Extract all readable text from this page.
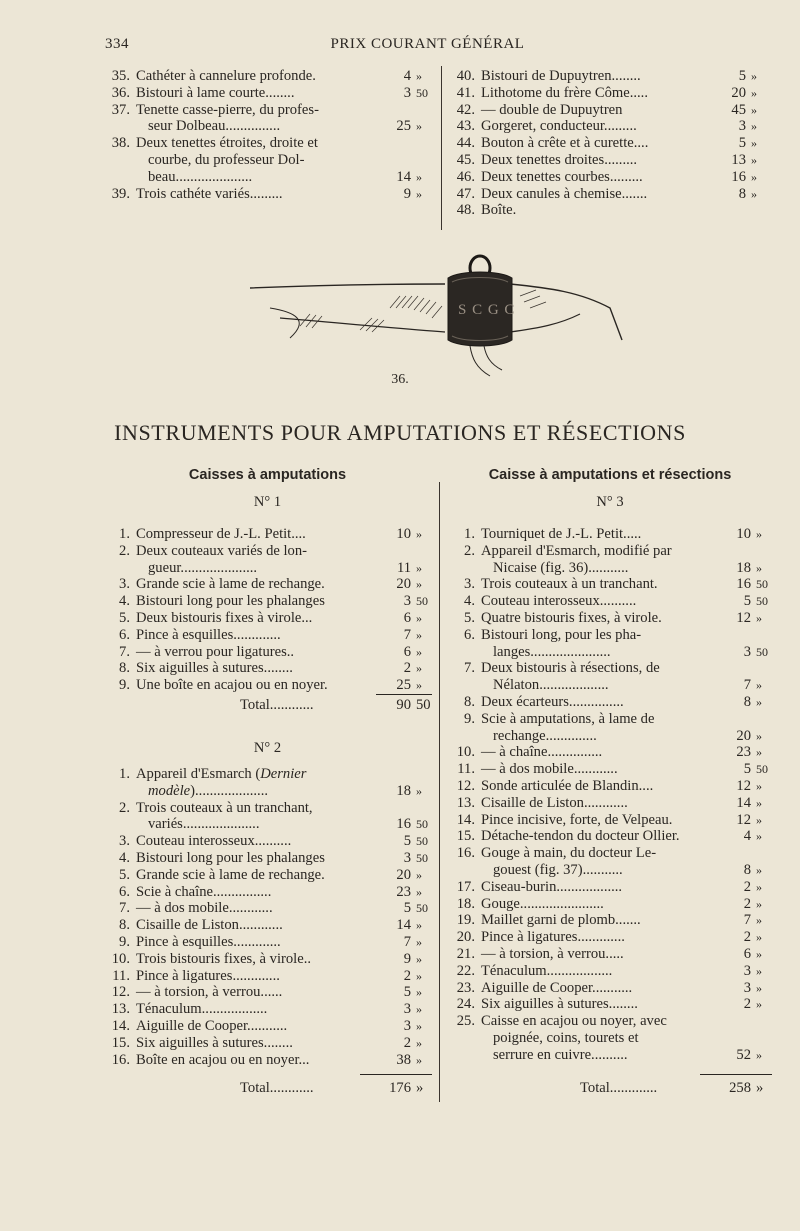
334	PRIX COURANT GÉNÉRAL
35. Cathéter à cannelure profonde.	4 »
36. Bistouri à lame courte........	3 50
37. Tenette casse-pierre, du profes-
seur Dolbeau...............	25 »
38. Deux tenettes étroites, droite et
courbe, du professeur Dol-
beau.....................	14 »
39. Trois cathéte variés.........	9 »
40. Bistouri de Dupuytren........	5 »
41. Lithotome du frère Côme.....	20 »
42. — double de Dupuytren	45 »
43. Gorgeret, conducteur.........	3 »
44. Bouton à crête et à curette....	5 »
45. Deux tenettes droites.........	13 »
46. Deux tenettes courbes.........	16 »
47. Deux canules à chemise.......	8 »
48. Boîte.
S C G C
36.
INSTRUMENTS POUR AMPUTATIONS ET RÉSECTIONS
Caisses à amputations	Caisse à amputations et résections
N° 1
1. Compresseur de J.-L. Petit....	10 »
2. Deux couteaux variés de lon-
gueur.....................	11 »
3. Grande scie à lame de rechange.	20 »
4. Bistouri long pour les phalanges	3 50
5. Deux bistouris fixes à virole...	6 »
6. Pince à esquilles.............	7 »
7. — à verrou pour ligatures..	6 »
8. Six aiguilles à sutures........	2 »
9. Une boîte en acajou ou en noyer.	25 »
Total............	90 50
N° 2
1. Appareil d'Esmarch (Dernier
modèle)....................	18 »
2. Trois couteaux à un tranchant,
variés.....................	16 50
3. Couteau interosseux..........	5 50
4. Bistouri long pour les phalanges	3 50
5. Grande scie à lame de rechange.	20 »
6. Scie à chaîne................	23 »
7. — à dos mobile............	5 50
8. Cisaille de Liston............	14 »
9. Pince à esquilles.............	7 »
10. Trois bistouris fixes, à virole..	9 »
11. Pince à ligatures.............	2 »
12. — à torsion, à verrou......	5 »
13. Ténaculum..................	3 »
14. Aiguille de Cooper...........	3 »
15. Six aiguilles à sutures........	2 »
16. Boîte en acajou ou en noyer...	38 »
Total............	176 »
N° 3
1. Tourniquet de J.-L. Petit.....	10 »
2. Appareil d'Esmarch, modifié par
Nicaise (fig. 36)...........	18 »
3. Trois couteaux à un tranchant.	16 50
4. Couteau interosseux..........	5 50
5. Quatre bistouris fixes, à virole.	12 »
6. Bistouri long, pour les pha-
langes......................	3 50
7. Deux bistouris à résections, de
Nélaton...................	7 »
8. Deux écarteurs...............	8 »
9. Scie à amputations, à lame de
rechange..............	20 »
10. — à chaîne...............	23 »
11. — à dos mobile............	5 50
12. Sonde articulée de Blandin....	12 »
13. Cisaille de Liston............	14 »
14. Pince incisive, forte, de Velpeau.	12 »
15. Détache-tendon du docteur Ollier.	4 »
16. Gouge à main, du docteur Le-
gouest (fig. 37)...........	8 »
17. Ciseau-burin..................	2 »
18. Gouge.......................	2 »
19. Maillet garni de plomb.......	7 »
20. Pince à ligatures.............	2 »
21. — à torsion, à verrou.....	6 »
22. Ténaculum..................	3 »
23. Aiguille de Cooper...........	3 »
24. Six aiguilles à sutures........	2 »
25. Caisse en acajou ou noyer, avec
poignée, coins, tourets et
serrure en cuivre..........	52 »
Total.............	258 »
